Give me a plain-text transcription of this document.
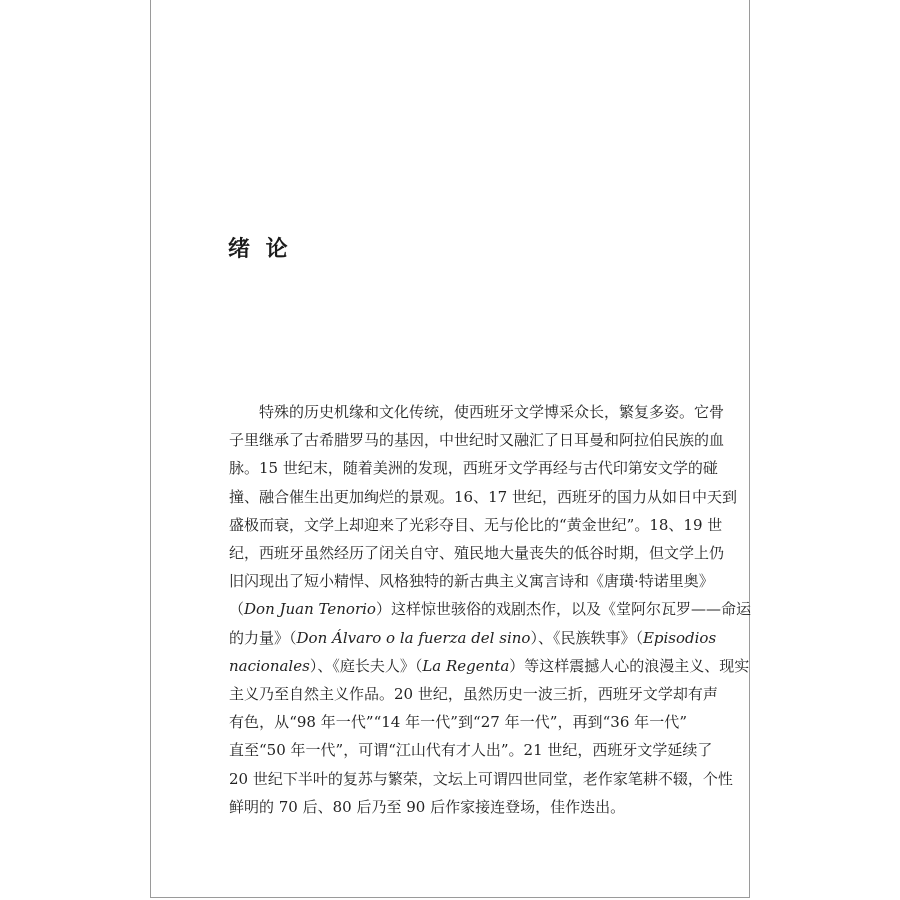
绪 论
特殊的历史机缘和文化传统，使西班牙文学博采众长，繁复多姿。它骨
子里继承了古希腊罗马的基因，中世纪时又融汇了日耳曼和阿拉伯民族的血
脉。15 世纪末，随着美洲的发现，西班牙文学再经与古代印第安文学的碰
撞、融合催生出更加绚烂的景观。16、17 世纪，西班牙的国力从如日中天到
盛极而衰，文学上却迎来了光彩夺目、无与伦比的“黄金世纪”。18、19 世
纪，西班牙虽然经历了闭关自守、殖民地大量丧失的低谷时期，但文学上仍
旧闪现出了短小精悍、风格独特的新古典主义寓言诗和《唐璜·特诺里奥》
（Don Juan Tenorio）这样惊世骇俗的戏剧杰作，以及《堂阿尔瓦罗——命运
的力量》（Don Álvaro o la fuerza del sino）、《民族轶事》（Episodios
nacionales）、《庭长夫人》（La Regenta）等这样震撼人心的浪漫主义、现实
主义乃至自然主义作品。20 世纪，虽然历史一波三折，西班牙文学却有声
有色，从“98 年一代”“14 年一代”到“27 年一代”，再到“36 年一代”
直至“50 年一代”，可谓“江山代有才人出”。21 世纪，西班牙文学延续了
20 世纪下半叶的复苏与繁荣，文坛上可谓四世同堂，老作家笔耕不辍，个性
鲜明的 70 后、80 后乃至 90 后作家接连登场，佳作迭出。
